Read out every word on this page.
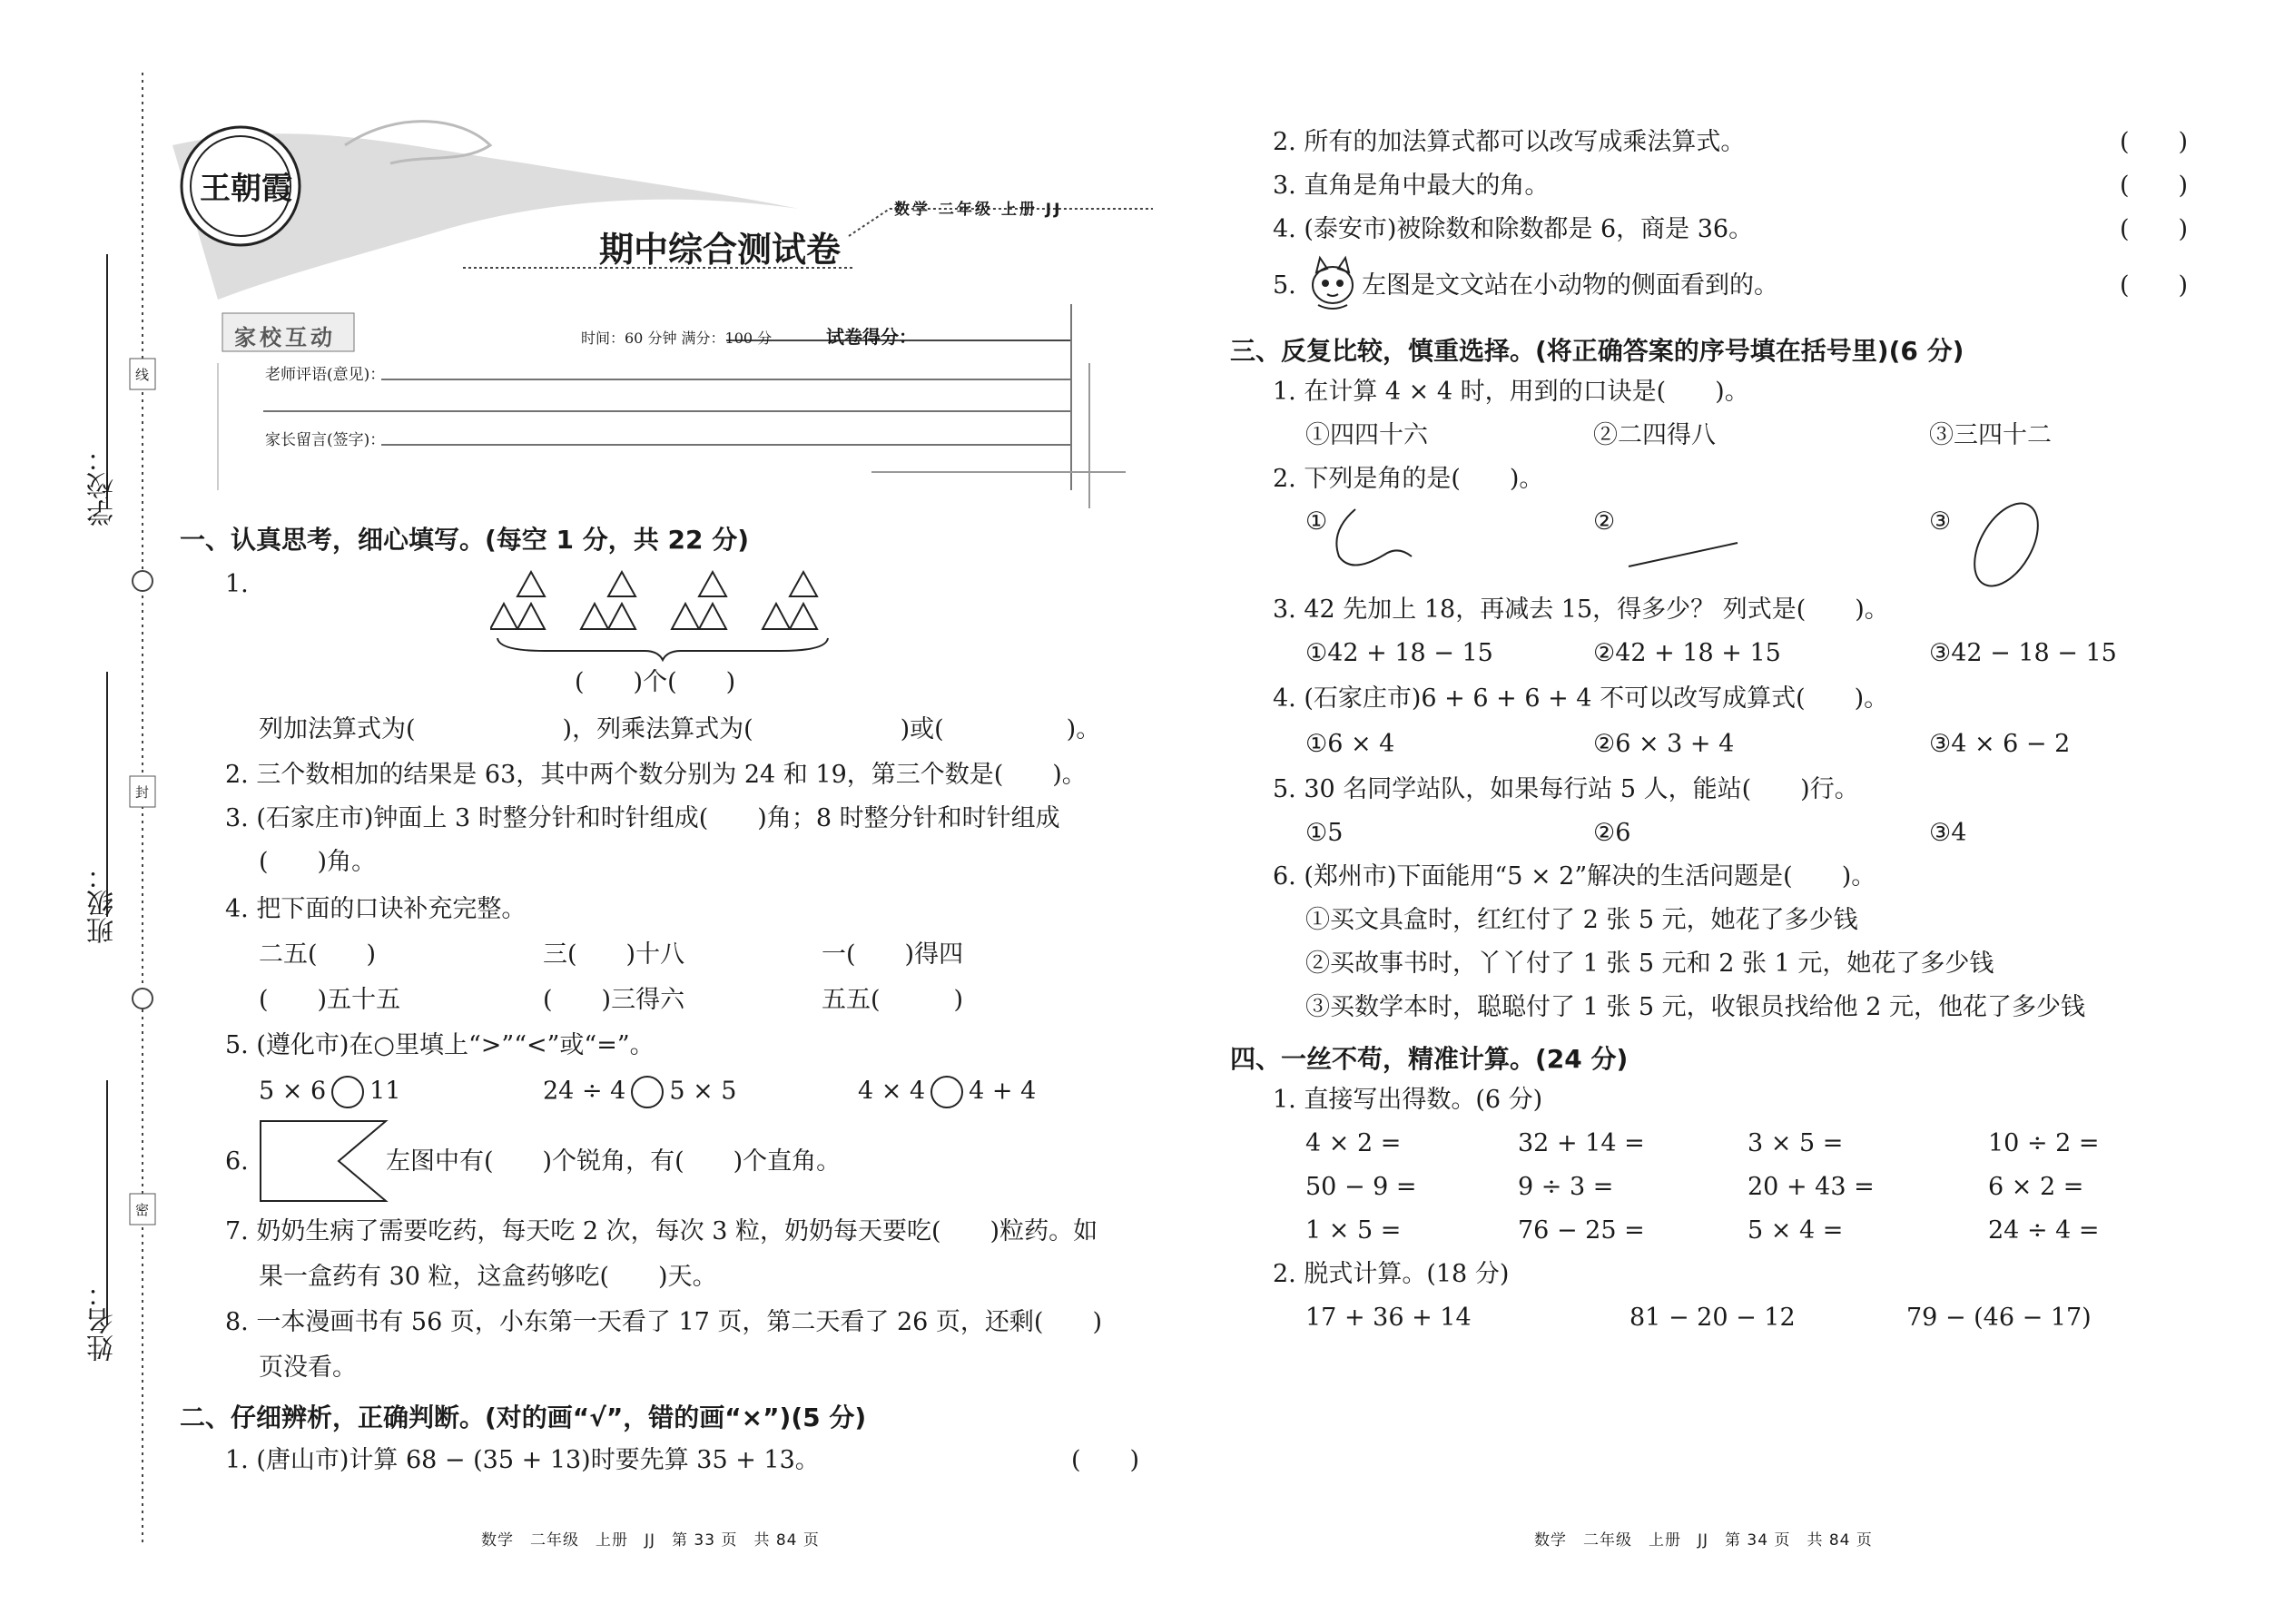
线
封
密
学校：
班级：
姓名：
王朝霞
数学 二年级 上册 JJ
期中综合测试卷
家校互动	时间：60 分钟 满分：100 分	试卷得分：
老师评语(意见)：
家长留言(签字)：
一、认真思考，细心填写。(每空 1 分，共 22 分)
1.
(　　)个(　　)
列加法算式为(　　　　　　)，列乘法算式为(　　　　　　)或(　　　　　)。
2. 三个数相加的结果是 63，其中两个数分别为 24 和 19，第三个数是(　　)。
3. (石家庄市)钟面上 3 时整分针和时针组成(　　)角；8 时整分针和时针组成
(　　)角。
4. 把下面的口诀补充完整。
二五(　　)	三(　　)十八	一(　　)得四
(　　)五十五	(　　)三得六	五五(　　　)
5. (遵化市)在○里填上“>”“<”或“=”。
5 × 6 11	24 ÷ 4 5 × 5	4 × 4 4 + 4
6.	左图中有(　　)个锐角，有(　　)个直角。
7. 奶奶生病了需要吃药，每天吃 2 次，每次 3 粒，奶奶每天要吃(　　)粒药。如
果一盒药有 30 粒，这盒药够吃(　　)天。
8. 一本漫画书有 56 页，小东第一天看了 17 页，第二天看了 26 页，还剩(　　)
页没看。
二、仔细辨析，正确判断。(对的画“√”，错的画“×”)(5 分)
1. (唐山市)计算 68 − (35 + 13)时要先算 35 + 13。	(　　)
数学　二年级　上册　JJ　第 33 页　共 84 页
2. 所有的加法算式都可以改写成乘法算式。	(　　)
3. 直角是角中最大的角。	(　　)
4. (泰安市)被除数和除数都是 6，商是 36。	(　　)
5.	左图是文文站在小动物的侧面看到的。	(　　)
三、反复比较，慎重选择。(将正确答案的序号填在括号里)(6 分)
1. 在计算 4 × 4 时，用到的口诀是(　　)。
①四四十六	②二四得八	③三四十二
2. 下列是角的是(　　)。
①	②	③
3. 42 先加上 18，再减去 15，得多少？ 列式是(　　)。
①42 + 18 − 15	②42 + 18 + 15	③42 − 18 − 15
4. (石家庄市)6 + 6 + 6 + 4 不可以改写成算式(　　)。
①6 × 4	②6 × 3 + 4	③4 × 6 − 2
5. 30 名同学站队，如果每行站 5 人，能站(　　)行。
①5	②6	③4
6. (郑州市)下面能用“5 × 2”解决的生活问题是(　　)。
①买文具盒时，红红付了 2 张 5 元，她花了多少钱
②买故事书时，丫丫付了 1 张 5 元和 2 张 1 元，她花了多少钱
③买数学本时，聪聪付了 1 张 5 元，收银员找给他 2 元，他花了多少钱
四、一丝不苟，精准计算。(24 分)
1. 直接写出得数。(6 分)
4 × 2 =	32 + 14 =	3 × 5 =	10 ÷ 2 =
50 − 9 =	9 ÷ 3 =	20 + 43 =	6 × 2 =
1 × 5 =	76 − 25 =	5 × 4 =	24 ÷ 4 =
2. 脱式计算。(18 分)
17 + 36 + 14	81 − 20 − 12	79 − (46 − 17)
数学　二年级　上册　JJ　第 34 页　共 84 页
